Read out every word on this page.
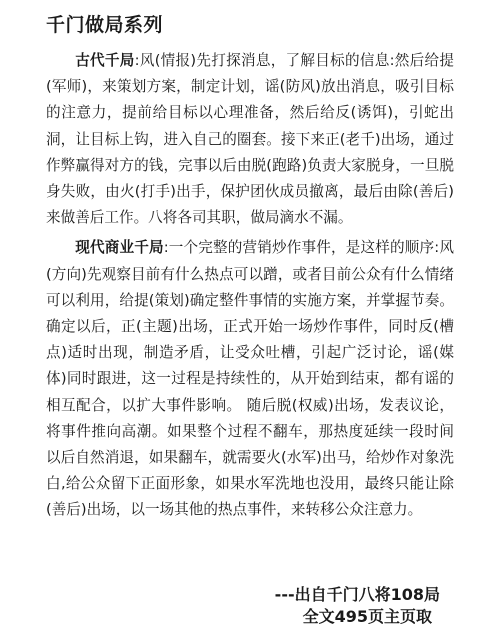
千门做局系列

古代千局:风(情报)先打探消息，了解目标的信息:然后给提(军师)，来策划方案，制定计划，谣(防风)放出消息，吸引目标的注意力，提前给目标以心理准备，然后给反(诱饵)，引蛇出洞，让目标上钩，进入自己的圈套。接下来正(老千)出场，通过作弊赢得对方的钱，完事以后由脱(跑路)负责大家脱身，一旦脱身失败，由火(打手)出手，保护团伙成员撤离，最后由除(善后)来做善后工作。八将各司其职，做局滴水不漏。

现代商业千局:一个完整的营销炒作事件，是这样的顺序:风(方向)先观察目前有什么热点可以蹭，或者目前公众有什么情绪可以利用，给提(策划)确定整件事情的实施方案，并掌握节奏。确定以后，正(主题)出场，正式开始一场炒作事件，同时反(槽点)适时出现，制造矛盾，让受众吐槽，引起广泛讨论，谣(媒体)同时跟进，这一过程是持续性的，从开始到结束，都有谣的相互配合，以扩大事件影响。 随后脱(权威)出场，发表议论，将事件推向高潮。如果整个过程不翻车，那热度延续一段时间以后自然消退，如果翻车，就需要火(水军)出马，给炒作对象洗白,给公众留下正面形象，如果水军洗地也没用，最终只能让除(善后)出场，以一场其他的热点事件，来转移公众注意力。

---出自千门八将108局
全文495页主页取
